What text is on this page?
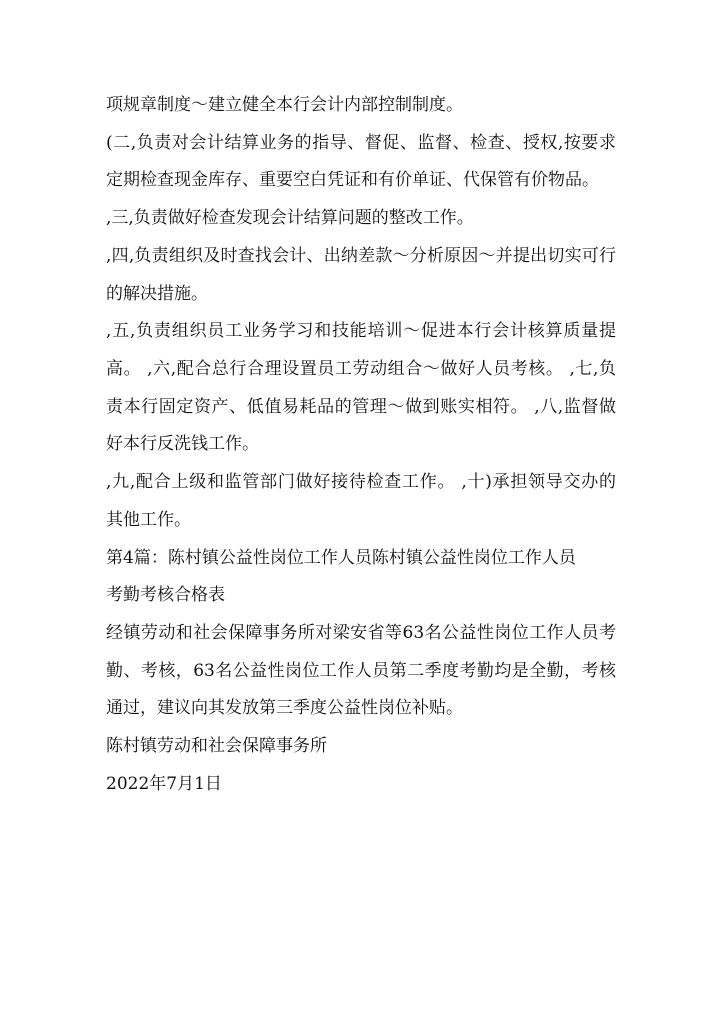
项规章制度～建立健全本行会计内部控制制度。
(二,负责对会计结算业务的指导、督促、监督、检查、授权,按要求
定期检查现金库存、重要空白凭证和有价单证、代保管有价物品。
,三,负责做好检查发现会计结算问题的整改工作。
,四,负责组织及时查找会计、出纳差款～分析原因～并提出切实可行
的解决措施。
,五,负责组织员工业务学习和技能培训～促进本行会计核算质量提
高。 ,六,配合总行合理设置员工劳动组合～做好人员考核。 ,七,负
责本行固定资产、低值易耗品的管理～做到账实相符。 ,八,监督做
好本行反洗钱工作。
,九,配合上级和监管部门做好接待检查工作。 ,十)承担领导交办的
其他工作。
第4篇：陈村镇公益性岗位工作人员陈村镇公益性岗位工作人员
考勤考核合格表
经镇劳动和社会保障事务所对梁安省等63名公益性岗位工作人员考
勤、考核，63名公益性岗位工作人员第二季度考勤均是全勤，考核
通过，建议向其发放第三季度公益性岗位补贴。
陈村镇劳动和社会保障事务所
2022年7月1日
